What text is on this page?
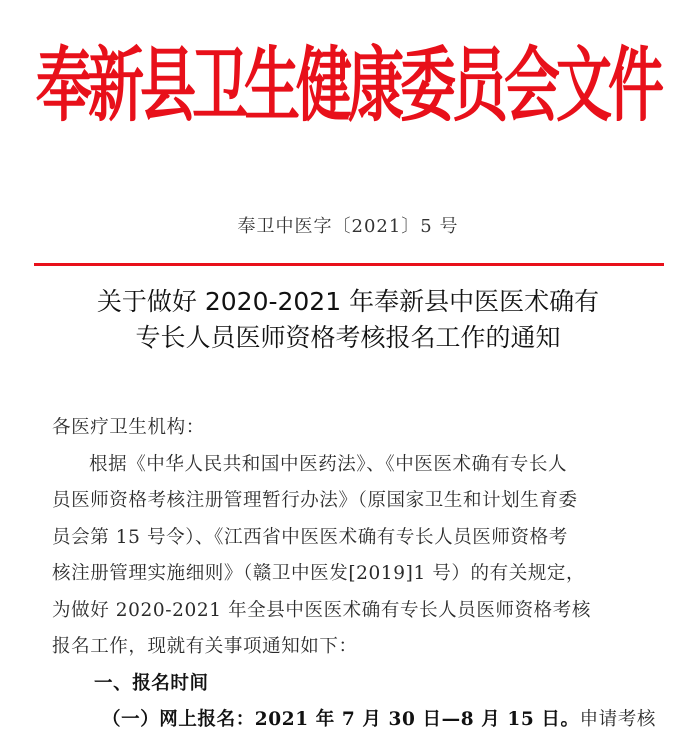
奉新县卫生健康委员会文件
奉卫中医字〔2021〕5 号
关于做好 2020-2021 年奉新县中医医术确有
专长人员医师资格考核报名工作的通知

各医疗卫生机构：

根据《中华人民共和国中医药法》、《中医医术确有专长人

员医师资格考核注册管理暂行办法》（原国家卫生和计划生育委

员会第 15 号令）、《江西省中医医术确有专长人员医师资格考

核注册管理实施细则》（赣卫中医发[2019]1 号）的有关规定，

为做好 2020-2021 年全县中医医术确有专长人员医师资格考核

报名工作，现就有关事项通知如下：

一、报名时间

（一）网上报名：2021 年 7 月 30 日—8 月 15 日。申请考核
